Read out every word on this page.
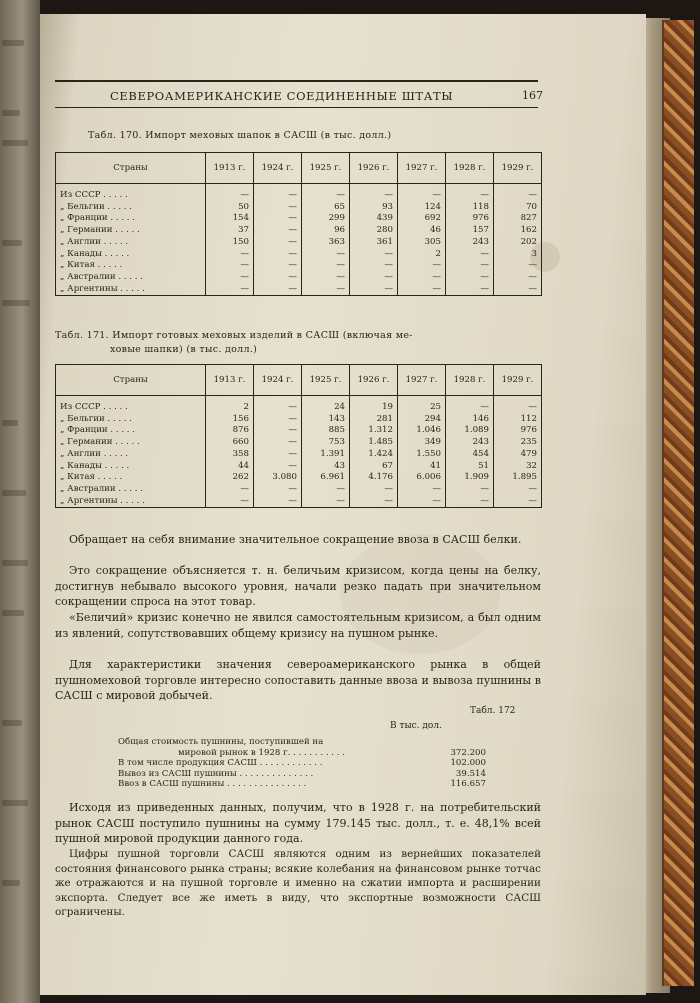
СЕВЕРОАМЕРИКАНСКИЕ СОЕДИНЕННЫЕ ШТАТЫ	167
Табл. 170. Импорт меховых шапок в САСШ (в тыс. долл.)
Страны	1913 г.	1924 г.	1925 г.	1926 г.	1927 г.	1928 г.	1929 г.

Из СССР . . . . .	—	—	—	—	—	—	—
„ Бельгии . . . . .	50	—	65	93	124	118	70
„ Франции . . . . .	154	—	299	439	692	976	827
„ Германии . . . . .	37	—	96	280	46	157	162
„ Англии . . . . .	150	—	363	361	305	243	202
„ Канады . . . . .	—	—	—	—	2	—	3
„ Китая . . . . .	—	—	—	—	—	—	—
„ Австралии . . . . .	—	—	—	—	—	—	—
„ Аргентины . . . . .	—	—	—	—	—	—	—
Табл. 171. Импорт готовых меховых изделий в САСШ (включая ме-
ховые шапки) (в тыс. долл.)
Страны	1913 г.	1924 г.	1925 г.	1926 г.	1927 г.	1928 г.	1929 г.

Из СССР . . . . .	2	—	24	19	25	—	—
„ Бельгии . . . . .	156	—	143	281	294	146	112
„ Франции . . . . .	876	—	885	1.312	1.046	1.089	976
„ Германии . . . . .	660	—	753	1.485	349	243	235
„ Англии . . . . .	358	—	1.391	1.424	1.550	454	479
„ Канады . . . . .	44	—	43	67	41	51	32
„ Китая . . . . .	262	3.080	6.961	4.176	6.006	1.909	1.895
„ Австралии . . . . .	—	—	—	—	—	—	—
„ Аргентины . . . . .	—	—	—	—	—	—	—
Обращает на себя внимание значительное сокращение ввоза в САСШ белки.
Это сокращение объясняется т. н. беличьим кризисом, когда цены на белку, достигнув небывало высокого уровня, начали резко падать при значительном сокращении спроса на этот товар.
«Беличий» кризис конечно не явился самостоятельным кризисом, а был одним из явлений, сопутствовавших общему кризису на пушном рынке.
Для характеристики значения североамериканского рынка в общей пушномеховой торговле интересно сопоставить данные ввоза и вывоза пушнины в САСШ с мировой добычей.
Табл. 172
В тыс. дол.
Общая стоимость пушнины, поступившей на
мировой рынок в 1928 г. . . . . . . . . . .	372.200
В том числе продукция САСШ . . . . . . . . . . . .	102.000
Вывоз из САСШ пушнины . . . . . . . . . . . . . .	39.514
Ввоз в САСШ пушнины . . . . . . . . . . . . . . .	116.657
Исходя из приведенных данных, получим, что в 1928 г. на потребительский рынок САСШ поступило пушнины на сумму 179.145 тыс. долл., т. е. 48,1% всей пушной мировой продукции данного года.
Цифры пушной торговли САСШ являются одним из вернейших показателей состояния финансового рынка страны; всякие колебания на финансовом рынке тотчас же отражаются и на пушной торговле и именно на сжатии импорта и расширении экспорта. Следует все же иметь в виду, что экспортные возможности САСШ ограничены.
